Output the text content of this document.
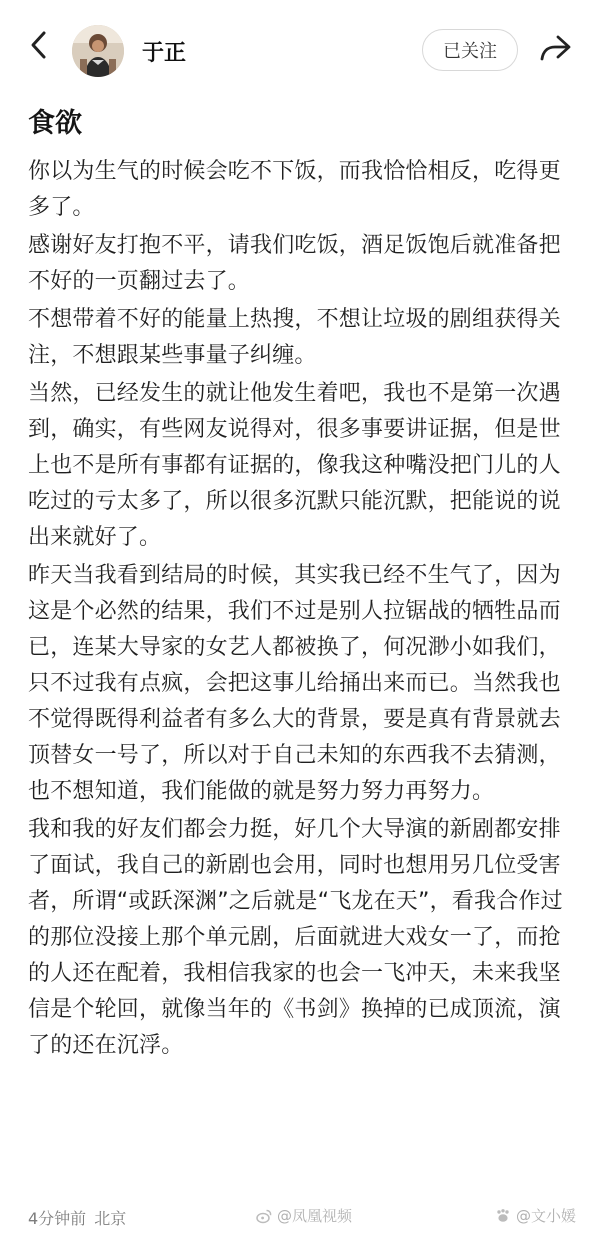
于正	已关注
食欲

你以为生气的时候会吃不下饭，而我恰恰相反，吃得更多了。

感谢好友打抱不平，请我们吃饭，酒足饭饱后就准备把不好的一页翻过去了。

不想带着不好的能量上热搜，不想让垃圾的剧组获得关注，不想跟某些事量子纠缠。

当然，已经发生的就让他发生着吧，我也不是第一次遇到，确实，有些网友说得对，很多事要讲证据，但是世上也不是所有事都有证据的，像我这种嘴没把门儿的人吃过的亏太多了，所以很多沉默只能沉默，把能说的说出来就好了。

昨天当我看到结局的时候，其实我已经不生气了，因为这是个必然的结果，我们不过是别人拉锯战的牺牲品而已，连某大导家的女艺人都被换了，何况渺小如我们，只不过我有点疯，会把这事儿给捅出来而已。当然我也不觉得既得利益者有多么大的背景，要是真有背景就去顶替女一号了，所以对于自己未知的东西我不去猜测，也不想知道，我们能做的就是努力努力再努力。

我和我的好友们都会力挺，好几个大导演的新剧都安排了面试，我自己的新剧也会用，同时也想用另几位受害者，所谓“或跃深渊”之后就是“飞龙在天”，看我合作过的那位没接上那个单元剧，后面就进大戏女一了，而抢的人还在配着，我相信我家的也会一飞冲天，未来我坚信是个轮回，就像当年的《书剑》换掉的已成顶流，演了的还在沉浮。

4分钟前 北京	@凤凰视频	@文小媛
